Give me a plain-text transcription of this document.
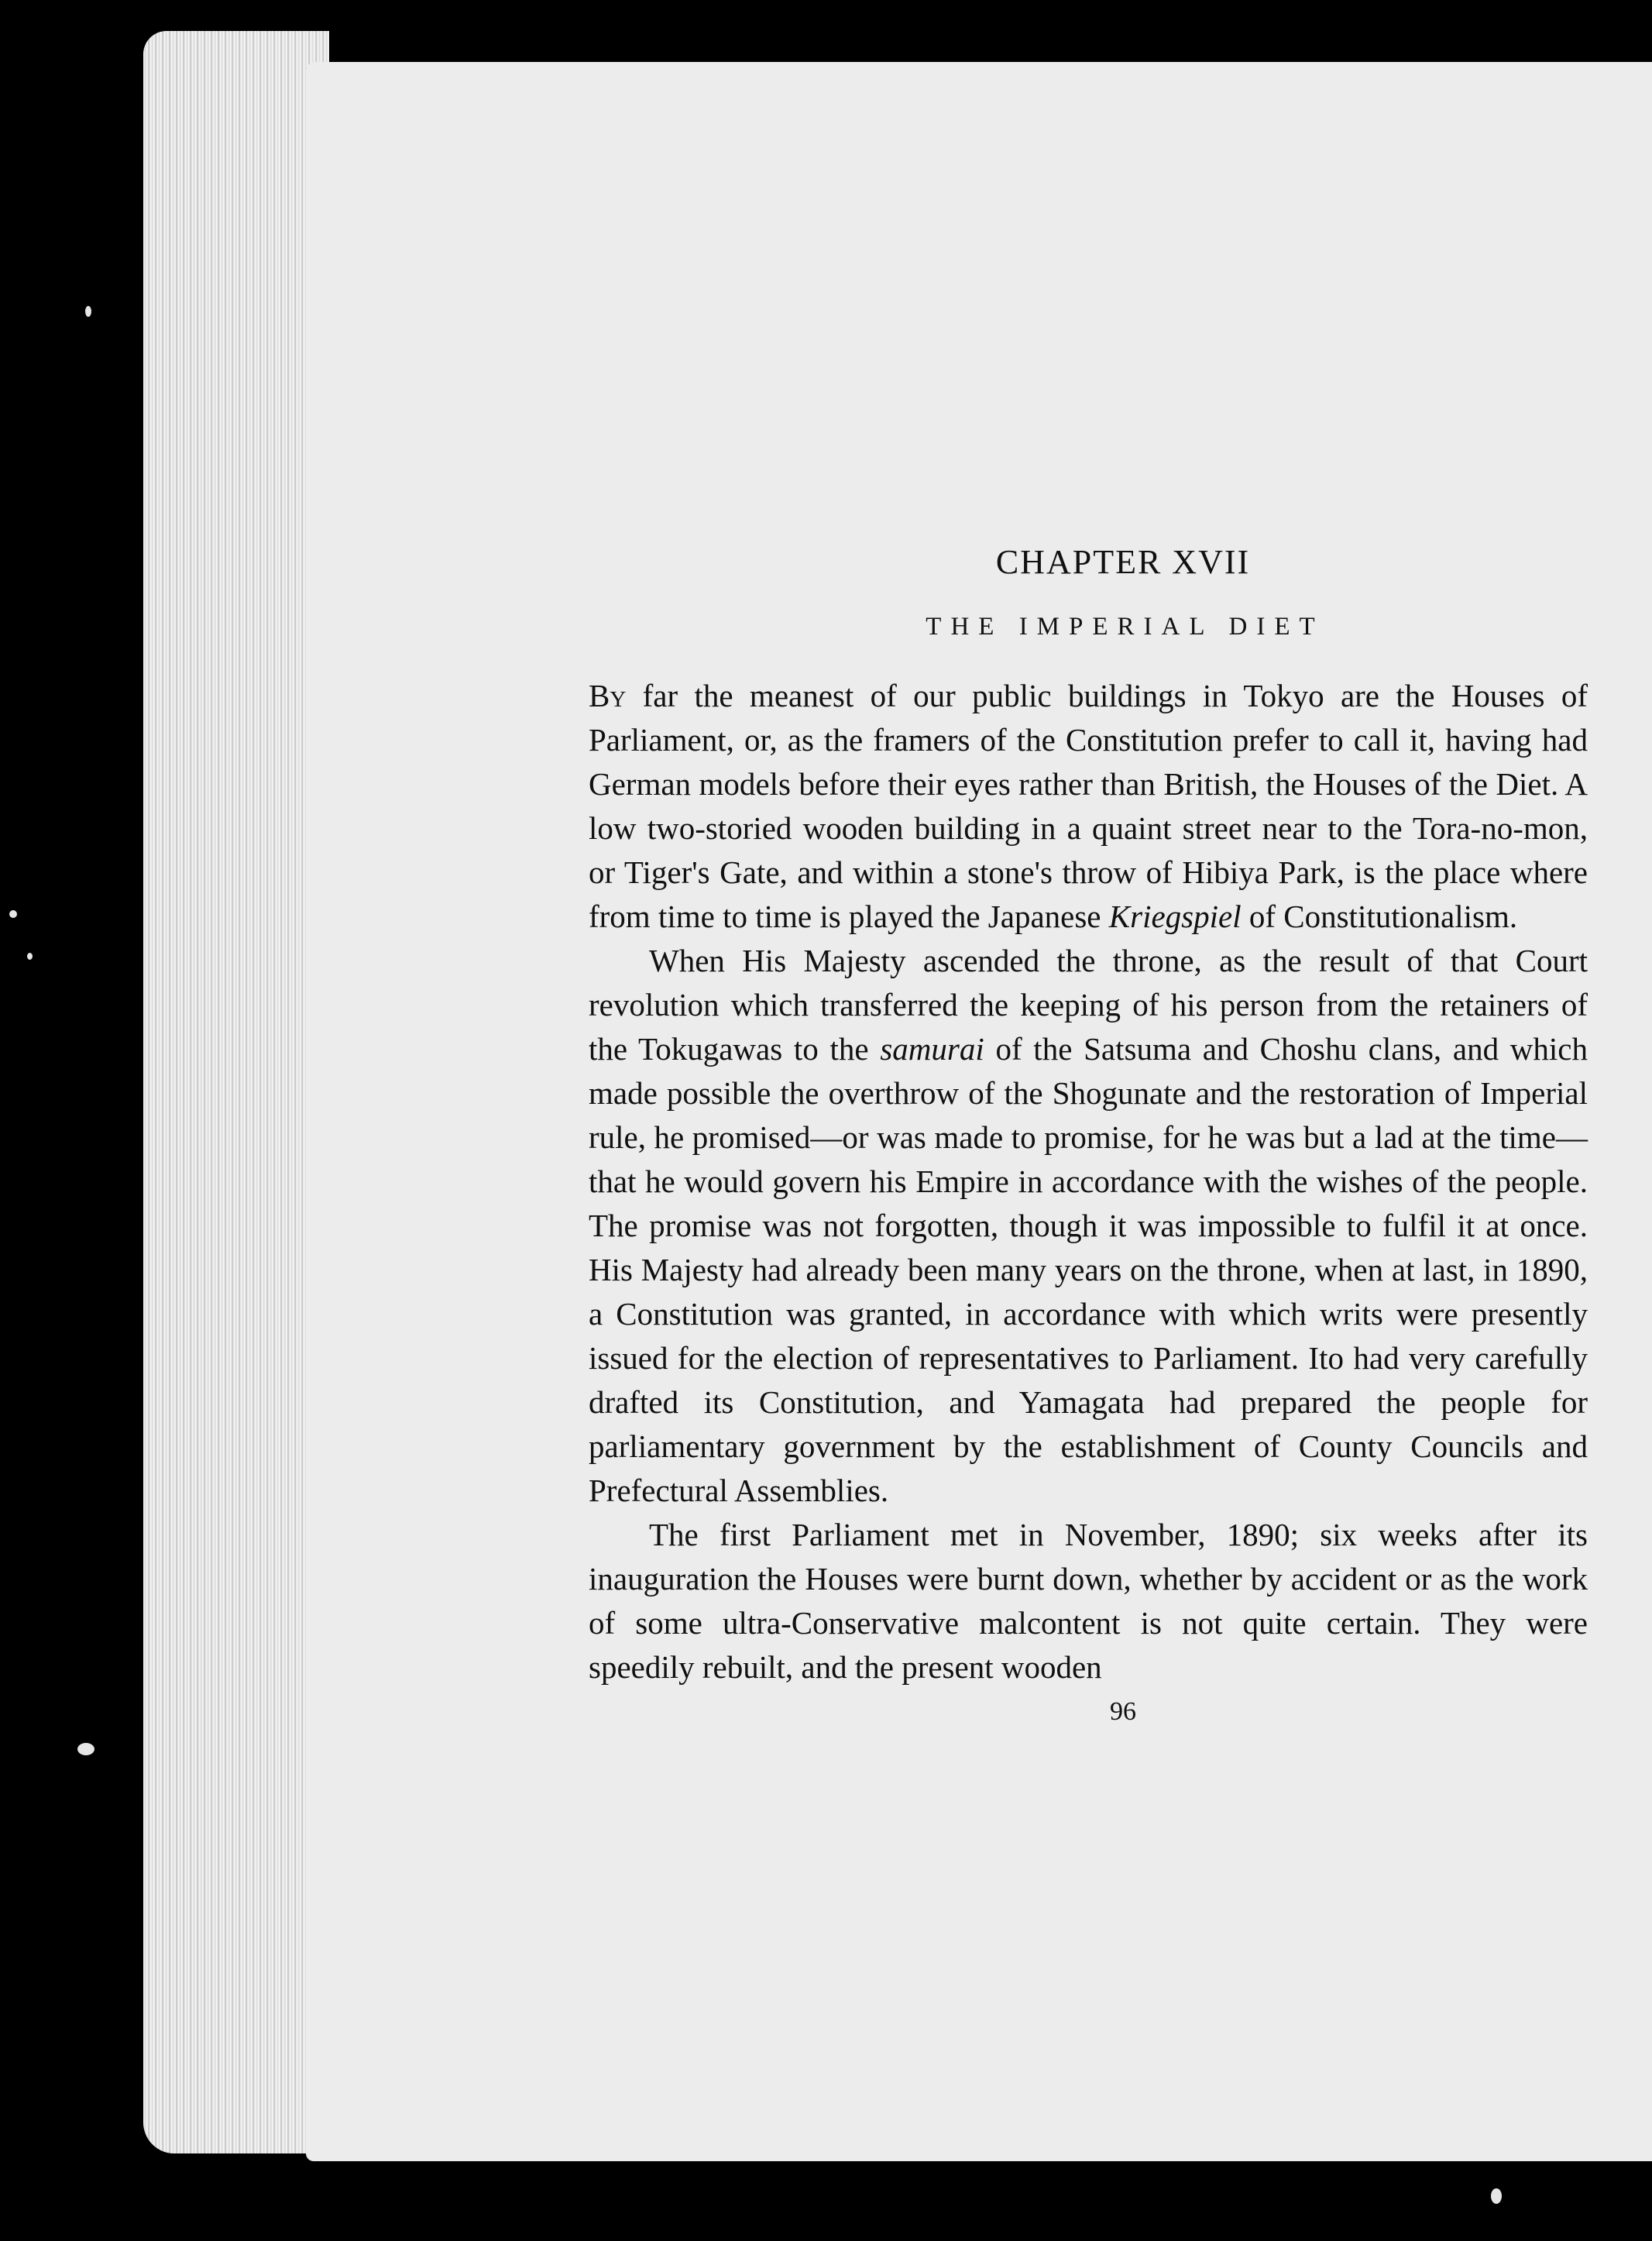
CHAPTER XVII
THE IMPERIAL DIET

By far the meanest of our public buildings in Tokyo are the Houses of Parliament, or, as the framers of the Constitution prefer to call it, having had German models before their eyes rather than British, the Houses of the Diet. A low two-storied wooden building in a quaint street near to the Tora-no-mon, or Tiger's Gate, and within a stone's throw of Hibiya Park, is the place where from time to time is played the Japanese Kriegspiel of Constitutionalism.

When His Majesty ascended the throne, as the result of that Court revolution which transferred the keeping of his person from the retainers of the Tokugawas to the samurai of the Satsuma and Choshu clans, and which made possible the overthrow of the Shogunate and the restoration of Imperial rule, he promised—or was made to promise, for he was but a lad at the time—that he would govern his Empire in accordance with the wishes of the people. The promise was not forgotten, though it was impossible to fulfil it at once. His Majesty had already been many years on the throne, when at last, in 1890, a Constitution was granted, in accordance with which writs were presently issued for the election of representatives to Parliament. Ito had very carefully drafted its Constitution, and Yamagata had prepared the people for parliamentary government by the establishment of County Councils and Prefectural Assemblies.

The first Parliament met in November, 1890; six weeks after its inauguration the Houses were burnt down, whether by accident or as the work of some ultra-Conservative malcontent is not quite certain. They were speedily rebuilt, and the present wooden

96
